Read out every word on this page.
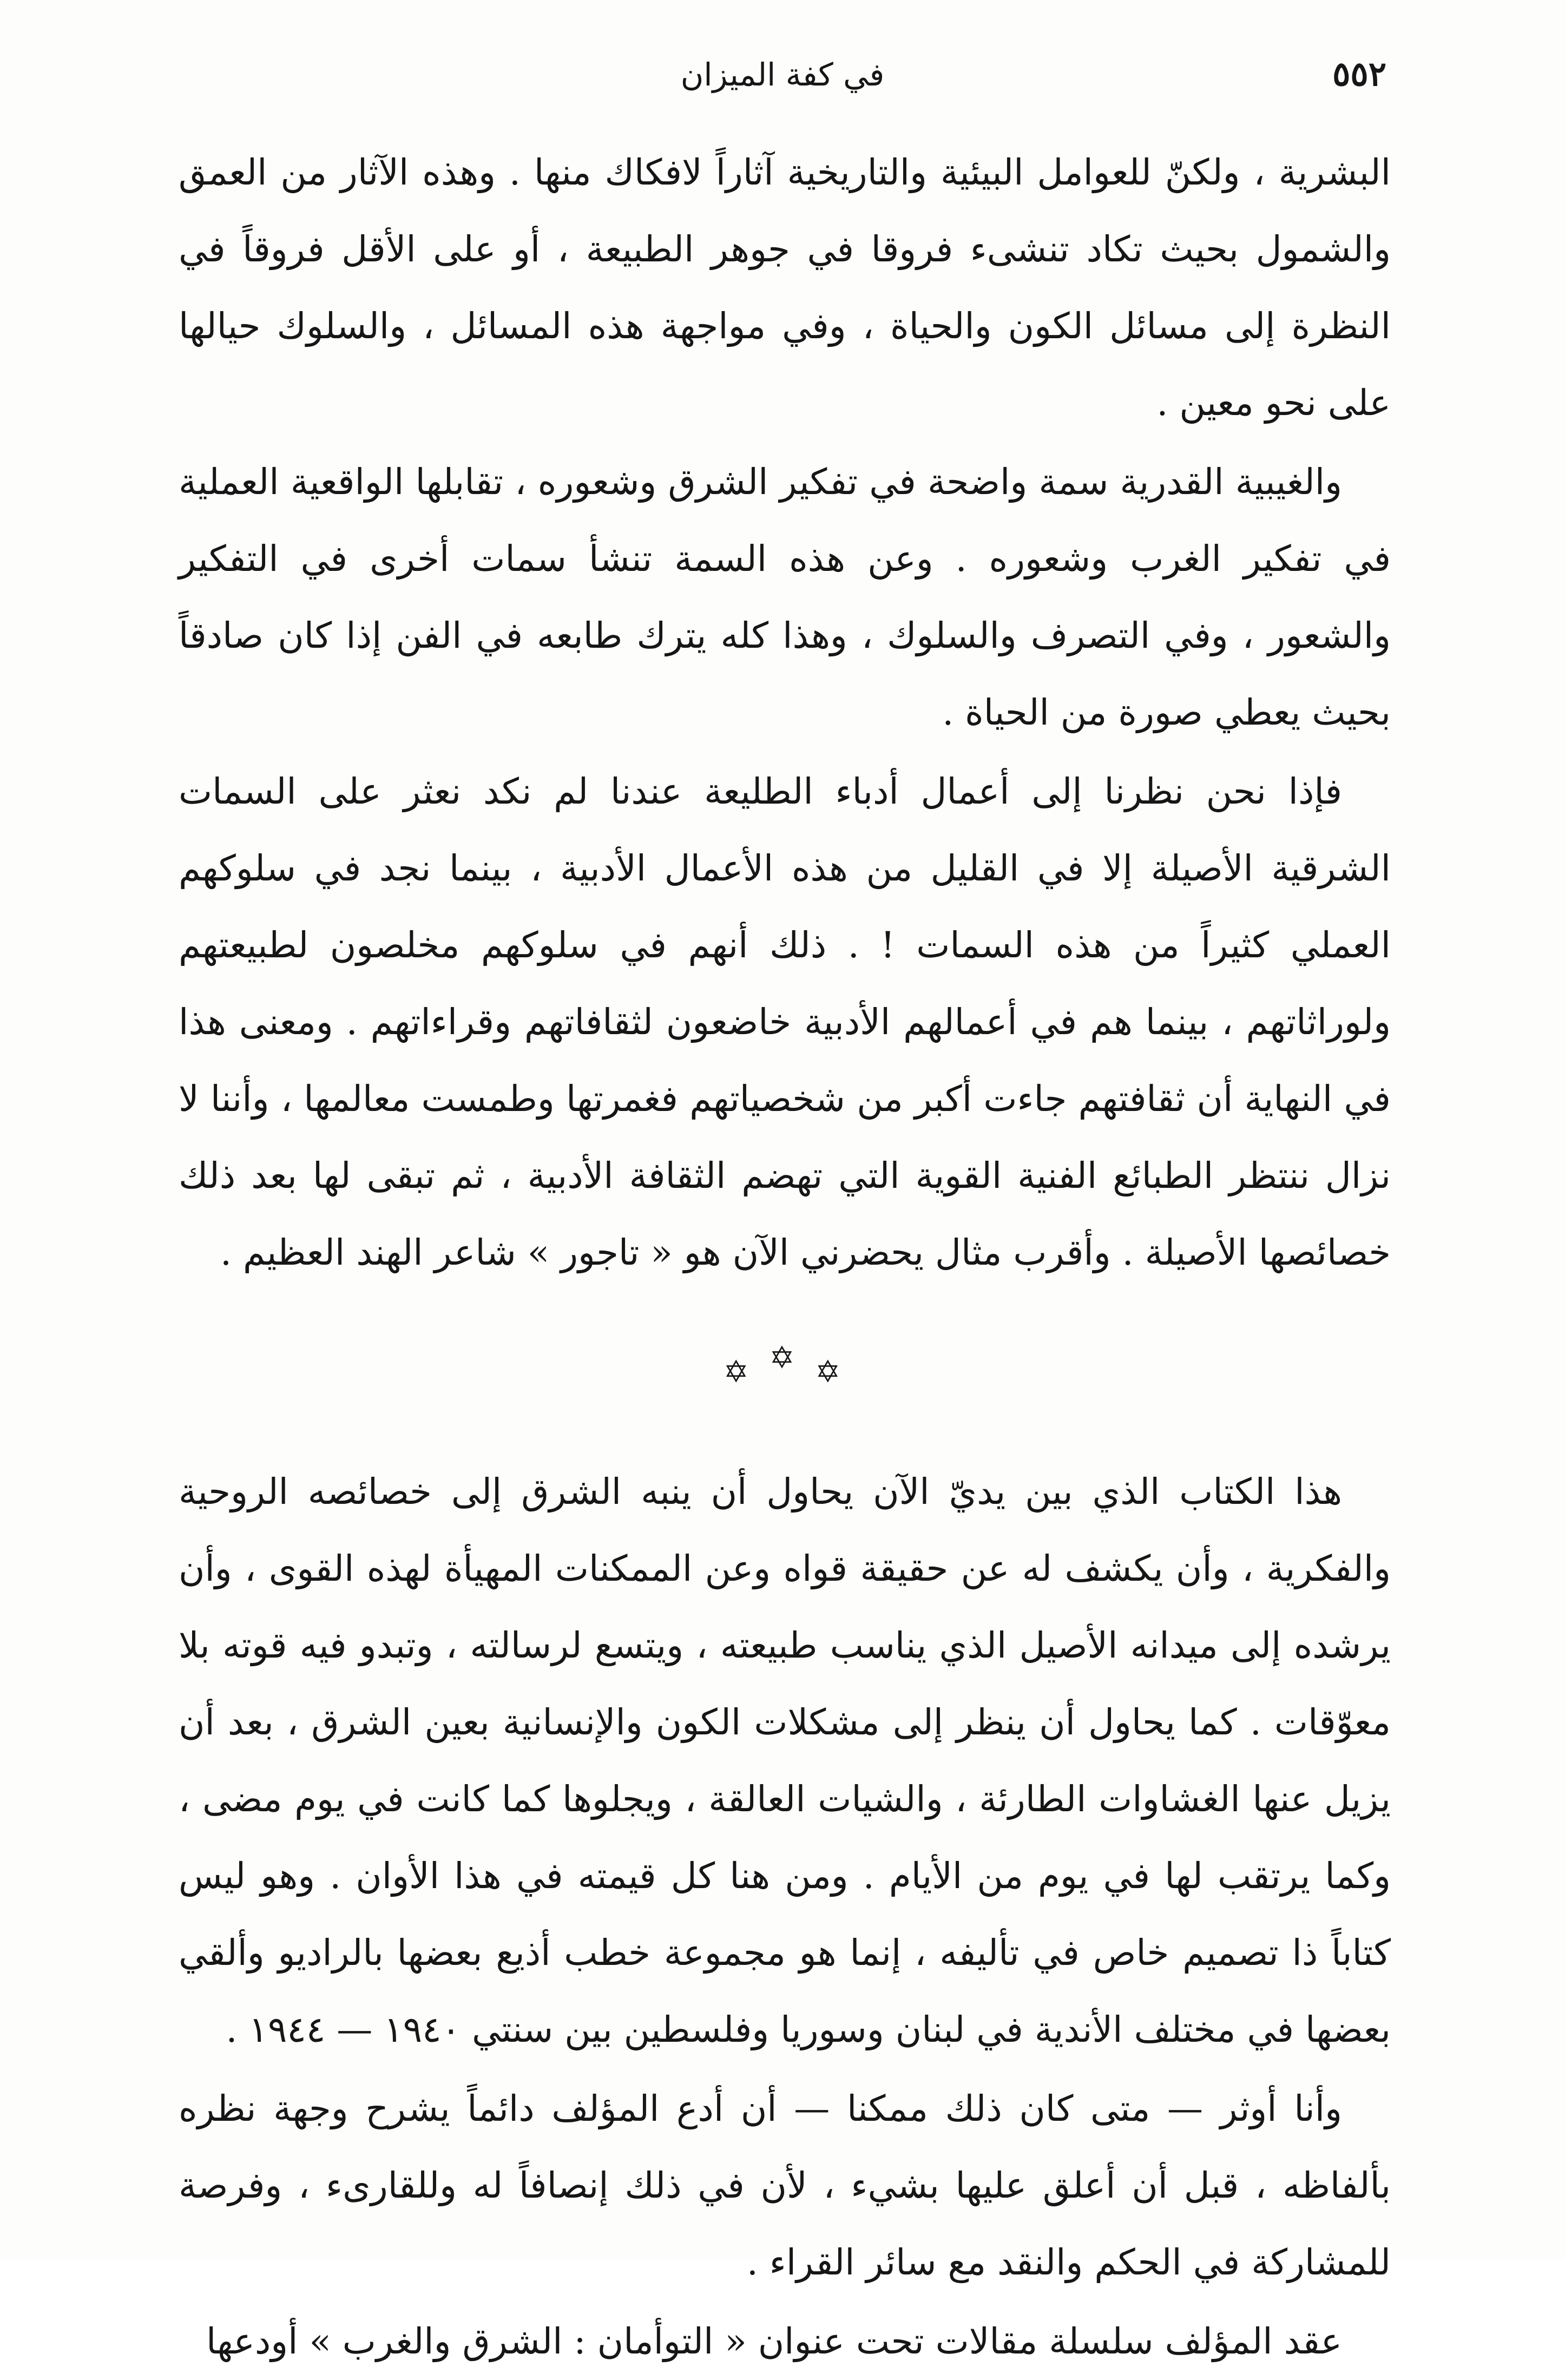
٥٥٢
في كفة الميزان

البشرية ، ولكنّ للعوامل البيئية والتاريخية آثاراً لافكاك منها . وهذه الآثار من العمق والشمول بحيث تكاد تنشىء فروقا في جوهر الطبيعة ، أو على الأقل فروقاً في النظرة إلى مسائل الكون والحياة ، وفي مواجهة هذه المسائل ، والسلوك حيالها على نحو معين .

والغيبية القدرية سمة واضحة في تفكير الشرق وشعوره ، تقابلها الواقعية العملية في تفكير الغرب وشعوره . وعن هذه السمة تنشأ سمات أخرى في التفكير والشعور ، وفي التصرف والسلوك ، وهذا كله يترك طابعه في الفن إذا كان صادقاً بحيث يعطي صورة من الحياة .

فإذا نحن نظرنا إلى أعمال أدباء الطليعة عندنا لم نكد نعثر على السمات الشرقية الأصيلة إلا في القليل من هذه الأعمال الأدبية ، بينما نجد في سلوكهم العملي كثيراً من هذه السمات ! . ذلك أنهم في سلوكهم مخلصون لطبيعتهم ولوراثاتهم ، بينما هم في أعمالهم الأدبية خاضعون لثقافاتهم وقراءاتهم . ومعنى هذا في النهاية أن ثقافتهم جاءت أكبر من شخصياتهم فغمرتها وطمست معالمها ، وأننا لا نزال ننتظر الطبائع الفنية القوية التي تهضم الثقافة الأدبية ، ثم تبقى لها بعد ذلك خصائصها الأصيلة . وأقرب مثال يحضرني الآن هو « تاجور » شاعر الهند العظيم .

✡ ✡ ✡

هذا الكتاب الذي بين يديّ الآن يحاول أن ينبه الشرق إلى خصائصه الروحية والفكرية ، وأن يكشف له عن حقيقة قواه وعن الممكنات المهيأة لهذه القوى ، وأن يرشده إلى ميدانه الأصيل الذي يناسب طبيعته ، ويتسع لرسالته ، وتبدو فيه قوته بلا معوّقات . كما يحاول أن ينظر إلى مشكلات الكون والإنسانية بعين الشرق ، بعد أن يزيل عنها الغشاوات الطارئة ، والشيات العالقة ، ويجلوها كما كانت في يوم مضى ، وكما يرتقب لها في يوم من الأيام . ومن هنا كل قيمته في هذا الأوان . وهو ليس كتاباً ذا تصميم خاص في تأليفه ، إنما هو مجموعة خطب أذيع بعضها بالراديو وألقي بعضها في مختلف الأندية في لبنان وسوريا وفلسطين بين سنتي ١٩٤٠ — ١٩٤٤ .

وأنا أوثر — متى كان ذلك ممكنا — أن أدع المؤلف دائماً يشرح وجهة نظره بألفاظه ، قبل أن أعلق عليها بشيء ، لأن في ذلك إنصافاً له وللقارىء ، وفرصة للمشاركة في الحكم والنقد مع سائر القراء .

عقد المؤلف سلسلة مقالات تحت عنوان « التوأمان : الشرق والغرب » أودعها
